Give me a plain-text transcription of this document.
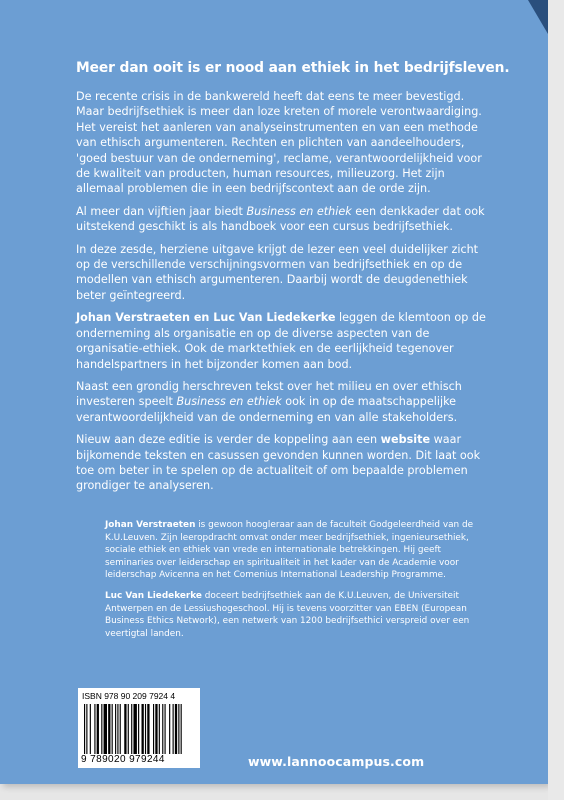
Meer dan ooit is er nood aan ethiek in het bedrijfsleven.

De recente crisis in de bankwereld heeft dat eens te meer bevestigd. Maar bedrijfsethiek is meer dan loze kreten of morele verontwaardiging. Het vereist het aanleren van analyseinstrumenten en van een methode van ethisch argumenteren. Rechten en plichten van aandeelhouders, 'goed bestuur van de onderneming', reclame, verantwoordelijkheid voor de kwaliteit van producten, human resources, milieuzorg. Het zijn allemaal problemen die in een bedrijfscontext aan de orde zijn.

Al meer dan vijftien jaar biedt Business en ethiek een denkkader dat ook uitstekend geschikt is als handboek voor een cursus bedrijfsethiek.

In deze zesde, herziene uitgave krijgt de lezer een veel duidelijker zicht op de verschillende verschijningsvormen van bedrijfsethiek en op de modellen van ethisch argumenteren. Daarbij wordt de deugdenethiek beter geïntegreerd.

Johan Verstraeten en Luc Van Liedekerke leggen de klemtoon op de onderneming als organisatie en op de diverse aspecten van de organisatie-ethiek. Ook de marktethiek en de eerlijkheid tegenover handelspartners in het bijzonder komen aan bod.

Naast een grondig herschreven tekst over het milieu en over ethisch investeren speelt Business en ethiek ook in op de maatschappelijke verantwoordelijkheid van de onderneming en van alle stakeholders.

Nieuw aan deze editie is verder de koppeling aan een website waar bijkomende teksten en casussen gevonden kunnen worden. Dit laat ook toe om beter in te spelen op de actualiteit of om bepaalde problemen grondiger te analyseren.

Johan Verstraeten is gewoon hoogleraar aan de faculteit Godgeleerdheid van de K.U.Leuven. Zijn leeropdracht omvat onder meer bedrijfsethiek, ingenieursethiek, sociale ethiek en ethiek van vrede en internationale betrekkingen. Hij geeft seminaries over leiderschap en spiritualiteit in het kader van de Academie voor leiderschap Avicenna en het Comenius International Leadership Programme.

Luc Van Liedekerke doceert bedrijfsethiek aan de K.U.Leuven, de Universiteit Antwerpen en de Lessiushogeschool. Hij is tevens voorzitter van EBEN (European Business Ethics Network), een netwerk van 1200 bedrijfsethici verspreid over een veertigtal landen.

ISBN 978 90 209 7924 4
9 789020 979244	www.lannoocampus.com
